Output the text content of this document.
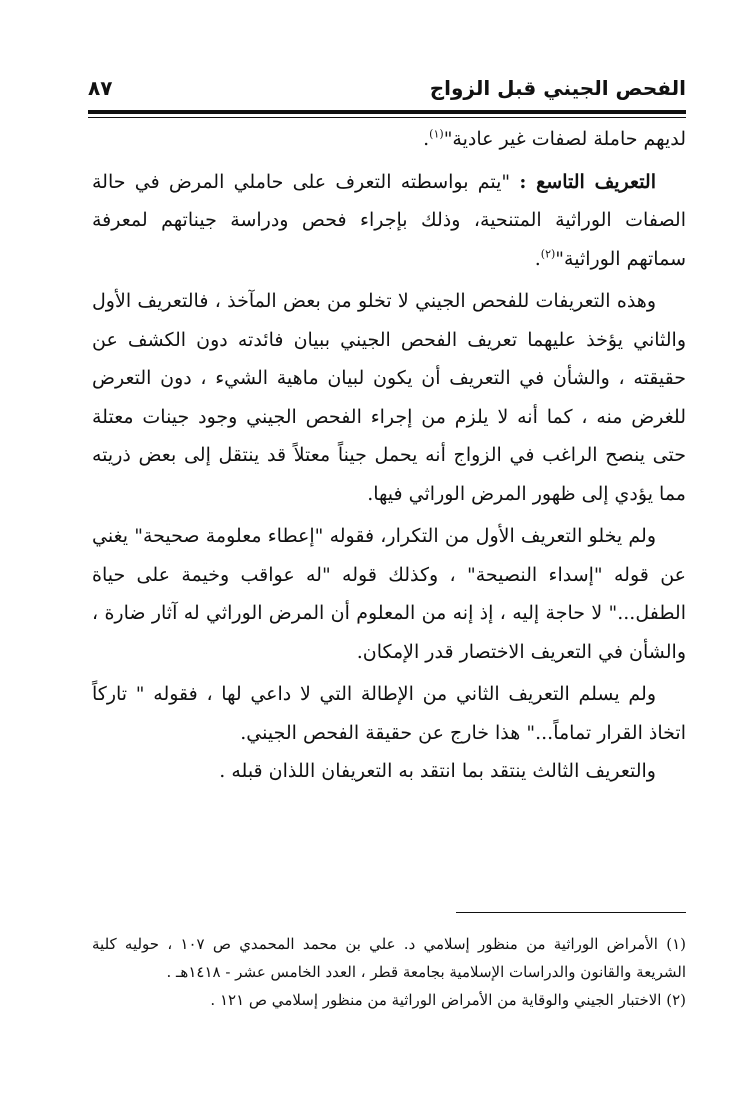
الفحص الجيني قبل الزواج
٨٧

لديهم حاملة لصفات غير عادية"$^{(١)}$.

التعريف التاسع : "يتم بواسطته التعرف على حاملي المرض في حالة الصفات الوراثية المتنحية، وذلك بإجراء فحص ودراسة جيناتهم لمعرفة سماتهم الوراثية"$^{(٢)}$.

وهذه التعريفات للفحص الجيني لا تخلو من بعض المآخذ ، فالتعريف الأول والثاني يؤخذ عليهما تعريف الفحص الجيني ببيان فائدته دون الكشف عن حقيقته ، والشأن في التعريف أن يكون لبيان ماهية الشيء ، دون التعرض للغرض منه ، كما أنه لا يلزم من إجراء الفحص الجيني وجود جينات معتلة حتى ينصح الراغب في الزواج أنه يحمل جيناً معتلاً قد ينتقل إلى بعض ذريته مما يؤدي إلى ظهور المرض الوراثي فيها.

ولم يخلو التعريف الأول من التكرار، فقوله "إعطاء معلومة صحيحة" يغني عن قوله "إسداء النصيحة" ، وكذلك قوله "له عواقب وخيمة على حياة الطفل..." لا حاجة إليه ، إذ إنه من المعلوم أن المرض الوراثي له آثار ضارة ، والشأن في التعريف الاختصار قدر الإمكان.

ولم يسلم التعريف الثاني من الإطالة التي لا داعي لها ، فقوله " تاركاً اتخاذ القرار تماماً..." هذا خارج عن حقيقة الفحص الجيني.

والتعريف الثالث ينتقد بما انتقد به التعريفان اللذان قبله .

(١) الأمراض الوراثية من منظور إسلامي د. علي بن محمد المحمدي ص ١٠٧ ، حوليه كلية الشريعة والقانون والدراسات الإسلامية بجامعة قطر ، العدد الخامس عشر - ١٤١٨هـ .

(٢) الاختبار الجيني والوقاية من الأمراض الوراثية من منظور إسلامي ص ١٢١ .
